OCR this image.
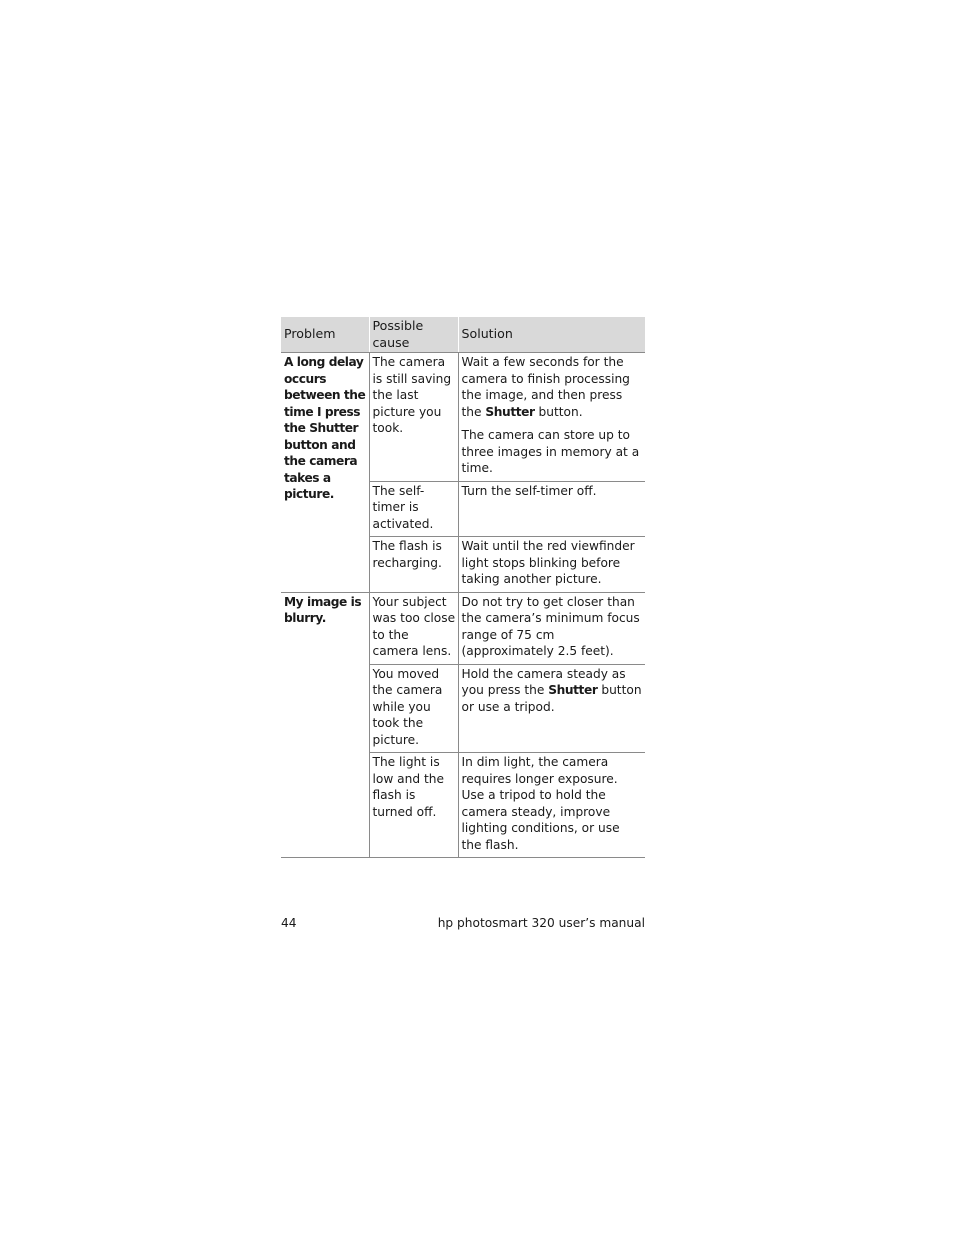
Problem	Possible cause	Solution
A long delay occurs between the time I press the Shutter button and the camera takes a picture.	The camera is still saving the last picture you took.	Wait a few seconds for the camera to finish processing the image, and then press the Shutter button.

The camera can store up to three images in memory at a time.

	The self-timer is activated.	Turn the self-timer off.

	The flash is recharging.	Wait until the red viewfinder light stops blinking before taking another picture.

My image is blurry.	Your subject was too close to the camera lens.	Do not try to get closer than the camera’s minimum focus range of 75 cm (approximately 2.5 feet).

	You moved the camera while you took the picture.	Hold the camera steady as you press the Shutter button or use a tripod.

	The light is low and the flash is turned off.	In dim light, the camera requires longer exposure. Use a tripod to hold the camera steady, improve lighting conditions, or use the flash.

44	hp photosmart 320 user’s manual
